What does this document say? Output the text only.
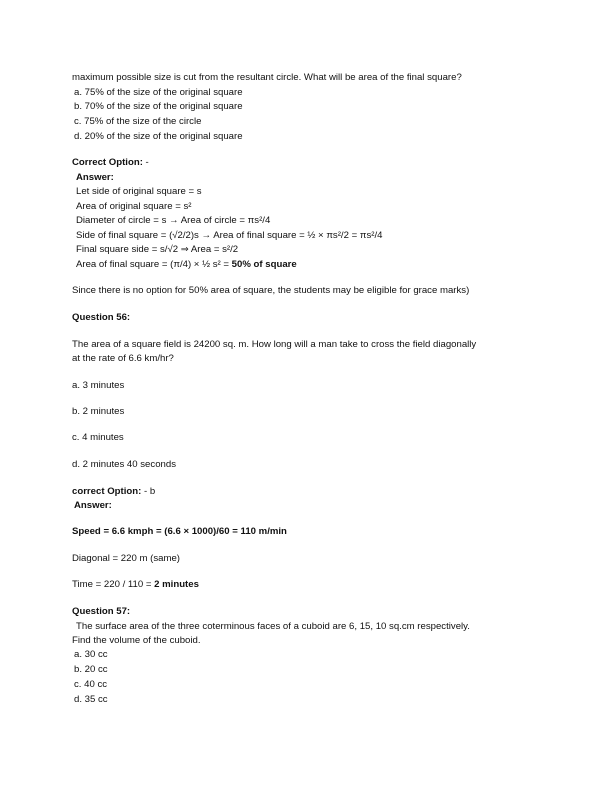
maximum possible size is cut from the resultant circle. What will be area of the final square?
a. 75% of the size of the original square
b. 70% of the size of the original square
c. 75% of the size of the circle
d. 20% of the size of the original square
Correct Option: -
Answer:
Let side of original square = s
Area of original square = s²
Diameter of circle = s → Area of circle = πs²/4
Side of final square = (√2/2)s → Area of final square = ½ × πs²/2 = πs²/4
Final square side = s/√2 ⇒ Area = s²/2
Area of final square = (π/4) × ½ s² = 50% of square
Since there is no option for 50% area of square, the students may be eligible for grace marks)
Question 56:
The area of a square field is 24200 sq. m. How long will a man take to cross the field diagonally
at the rate of 6.6 km/hr?
a. 3 minutes
b. 2 minutes
c. 4 minutes
d. 2 minutes 40 seconds
correct Option: - b
Answer:
Speed = 6.6 kmph = (6.6 × 1000)/60 = 110 m/min
Diagonal = 220 m (same)
Time = 220 / 110 = 2 minutes
Question 57:
The surface area of the three coterminous faces of a cuboid are 6, 15, 10 sq.cm respectively.
Find the volume of the cuboid.
a. 30 cc
b. 20 cc
c. 40 cc
d. 35 cc
